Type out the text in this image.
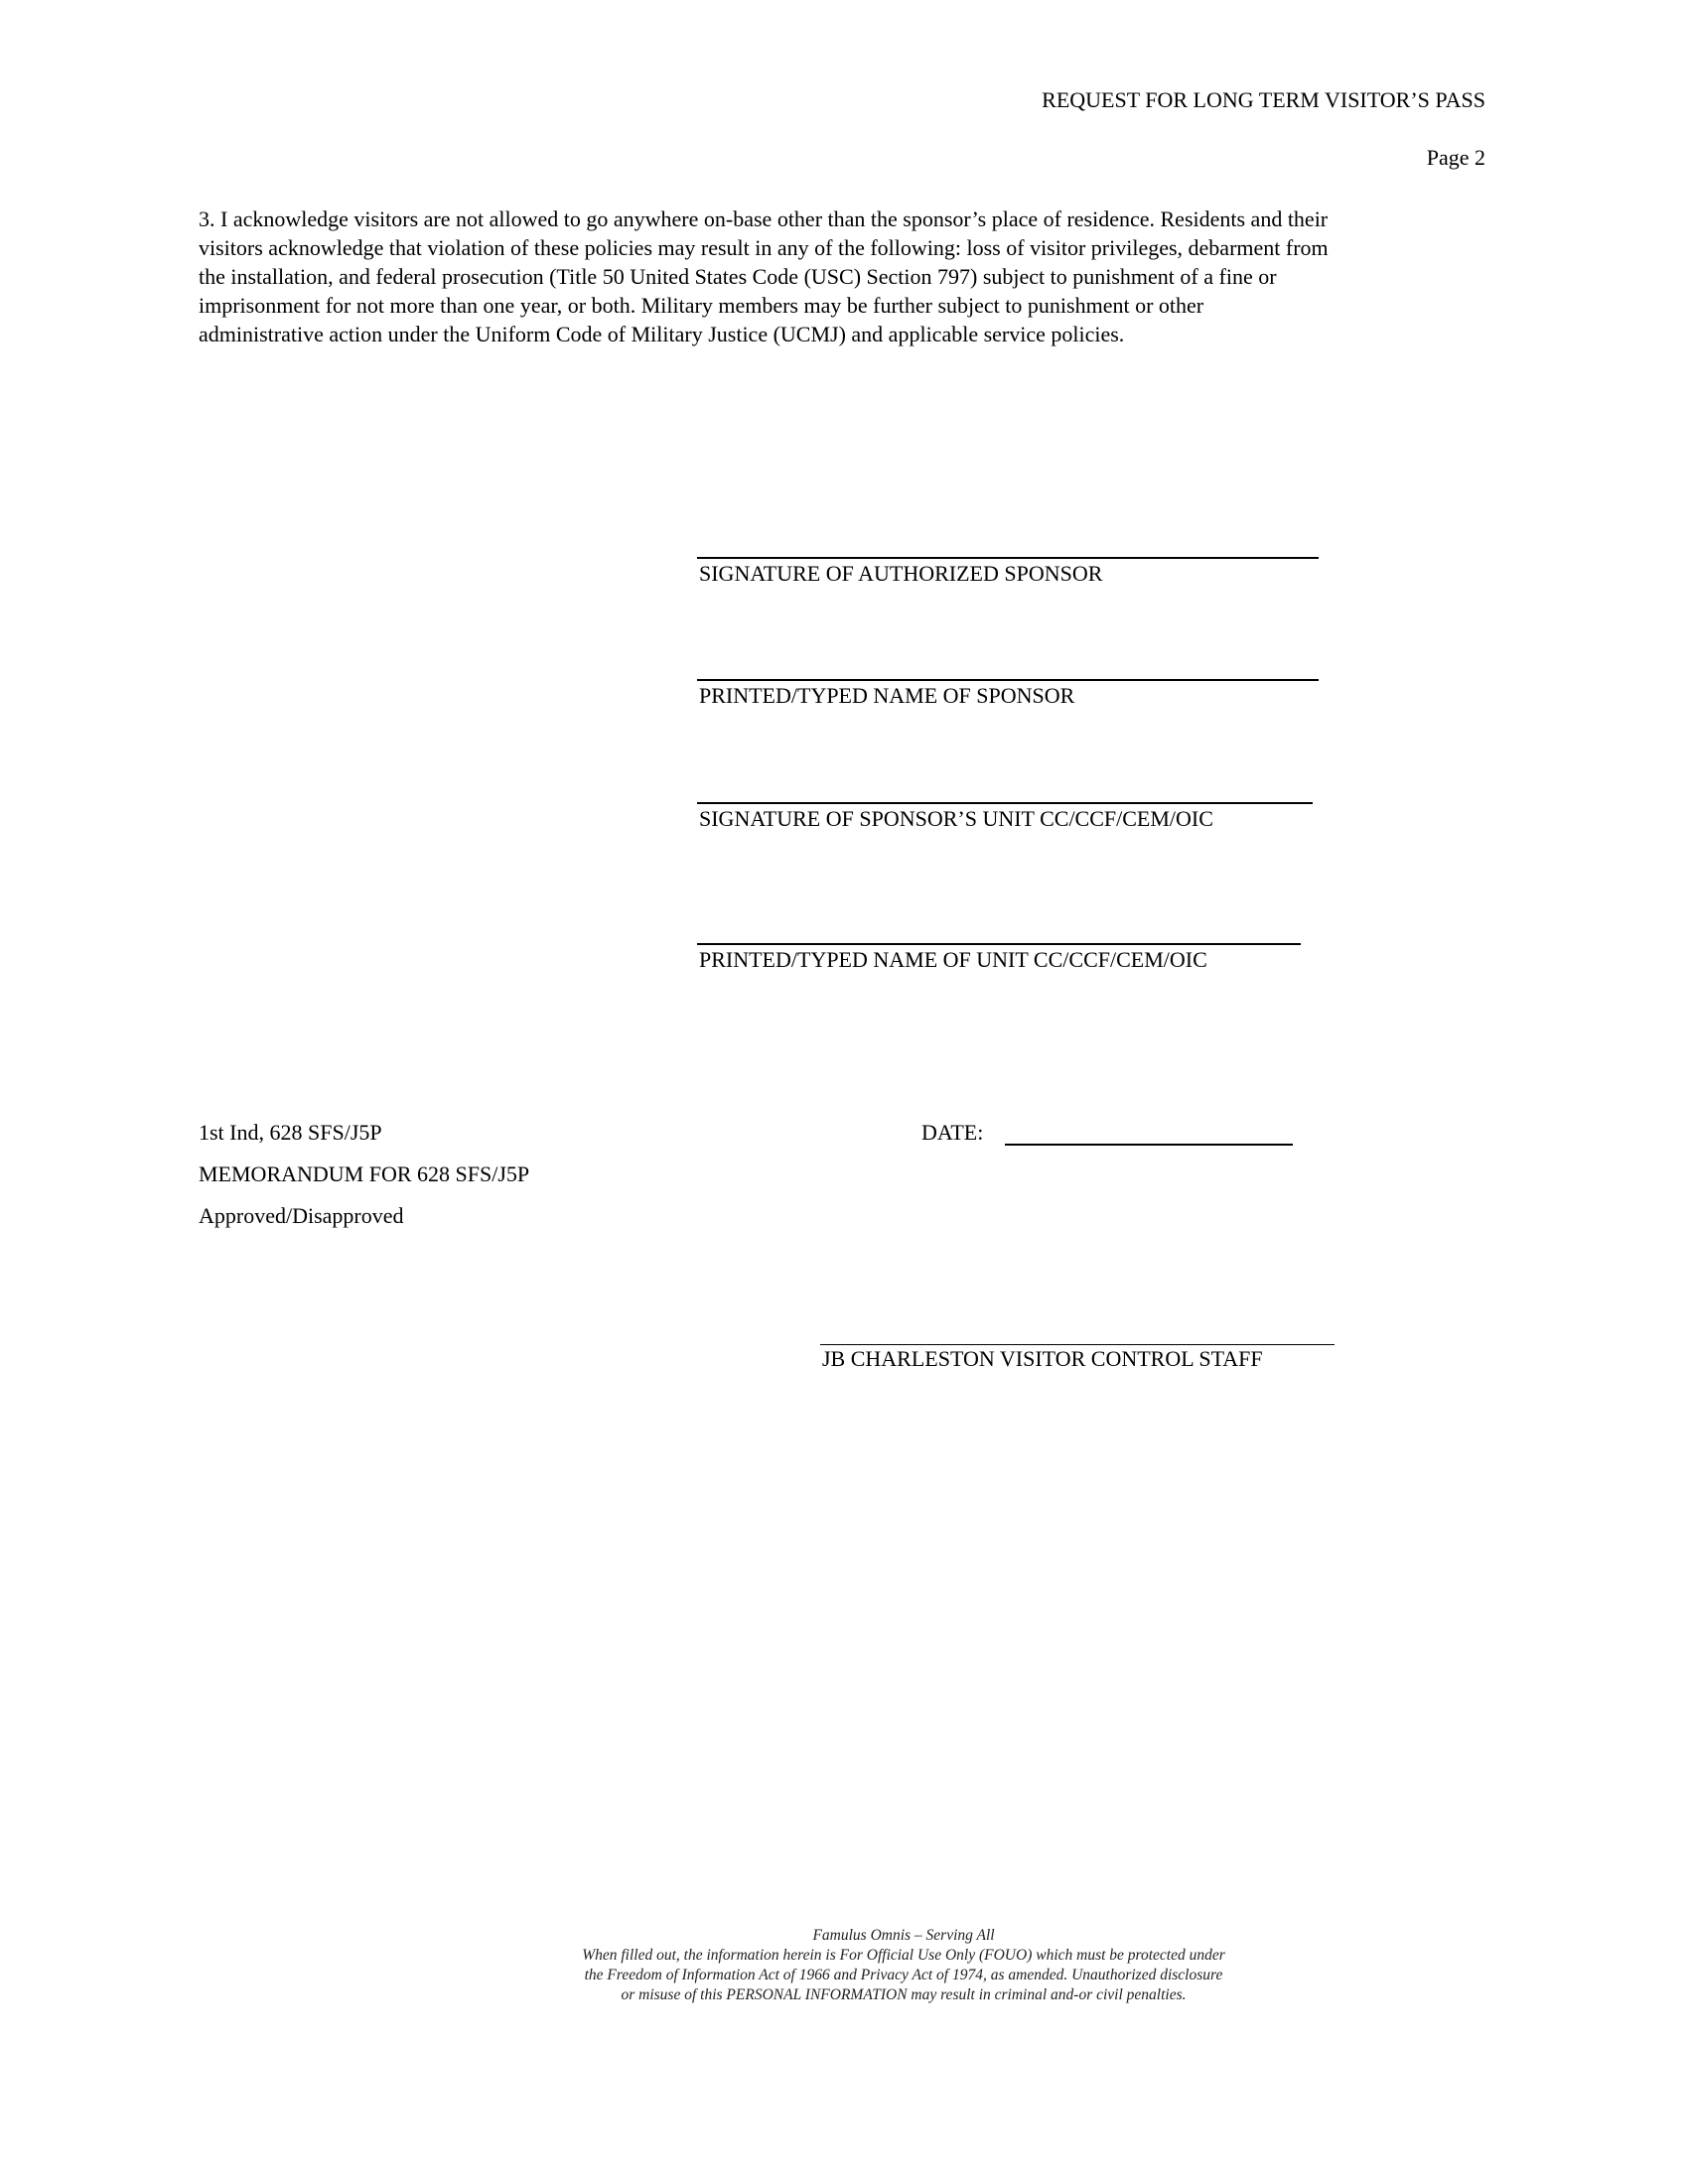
REQUEST FOR LONG TERM VISITOR’S PASS
Page 2
3. I acknowledge visitors are not allowed to go anywhere on-base other than the sponsor’s place of residence. Residents and their
visitors acknowledge that violation of these policies may result in any of the following: loss of visitor privileges, debarment from
the installation, and federal prosecution (Title 50 United States Code (USC) Section 797) subject to punishment of a fine or
imprisonment for not more than one year, or both. Military members may be further subject to punishment or other
administrative action under the Uniform Code of Military Justice (UCMJ) and applicable service policies.
SIGNATURE OF AUTHORIZED SPONSOR
PRINTED/TYPED NAME OF SPONSOR
SIGNATURE OF SPONSOR’S UNIT CC/CCF/CEM/OIC
PRINTED/TYPED NAME OF UNIT CC/CCF/CEM/OIC
1st Ind, 628 SFS/J5P
MEMORANDUM FOR 628 SFS/J5P
Approved/Disapproved
DATE:
JB CHARLESTON VISITOR CONTROL STAFF
Famulus Omnis – Serving All
When filled out, the information herein is For Official Use Only (FOUO) which must be protected under
the Freedom of Information Act of 1966 and Privacy Act of 1974, as amended. Unauthorized disclosure
or misuse of this PERSONAL INFORMATION may result in criminal and-or civil penalties.
